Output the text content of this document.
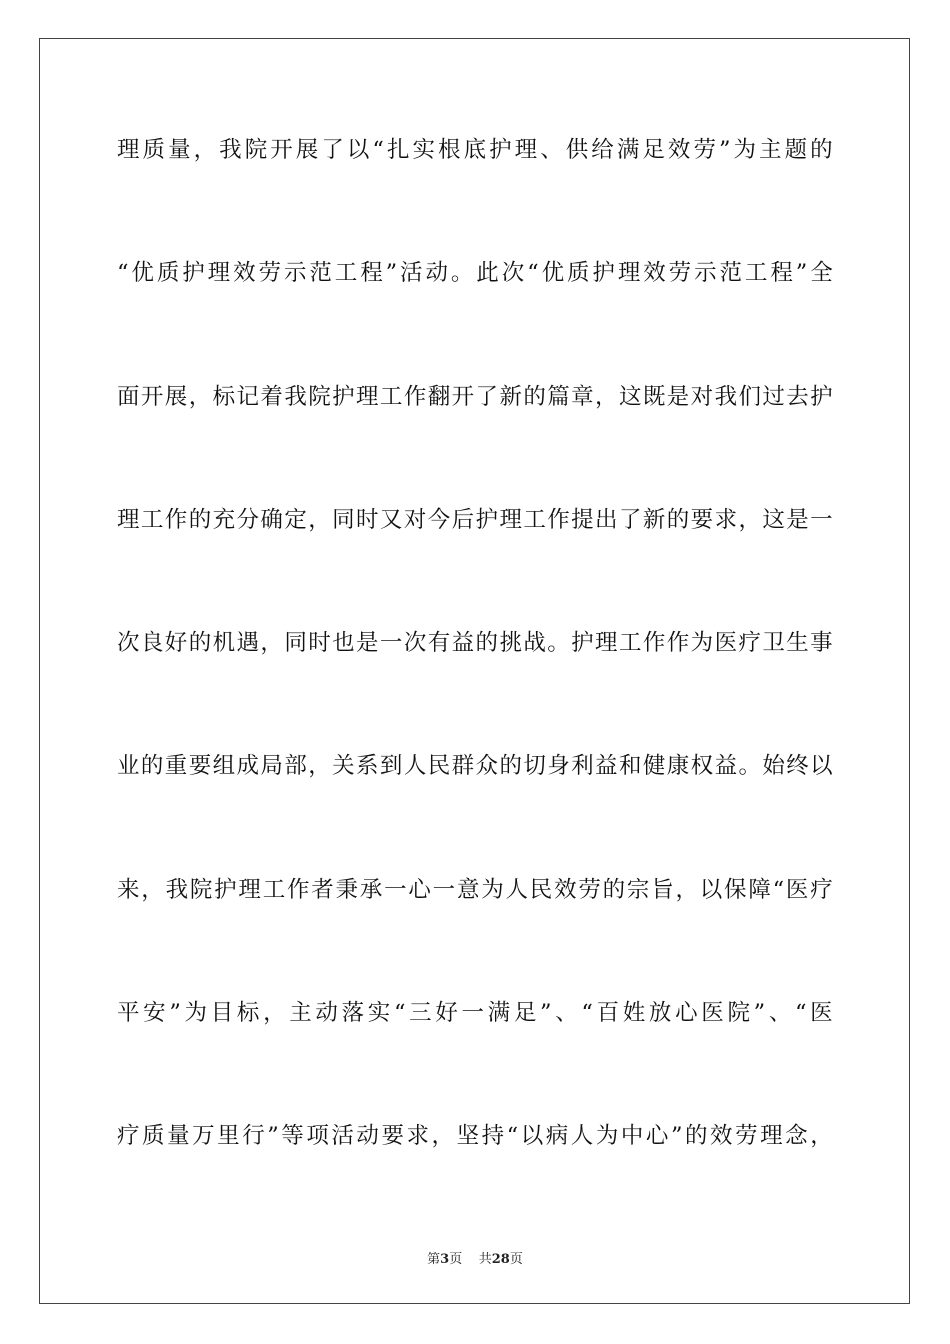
理质量，我院开展了以“扎实根底护理、供给满足效劳”为主题的
“优质护理效劳示范工程”活动。此次“优质护理效劳示范工程”全
面开展，标记着我院护理工作翻开了新的篇章，这既是对我们过去护
理工作的充分确定，同时又对今后护理工作提出了新的要求，这是一
次良好的机遇，同时也是一次有益的挑战。护理工作作为医疗卫生事
业的重要组成局部，关系到人民群众的切身利益和健康权益。始终以
来，我院护理工作者秉承一心一意为人民效劳的宗旨，以保障“医疗
平安”为目标，主动落实“三好一满足”、“百姓放心医院”、“医
疗质量万里行”等项活动要求，坚持“以病人为中心”的效劳理念，
第3页 共28页
